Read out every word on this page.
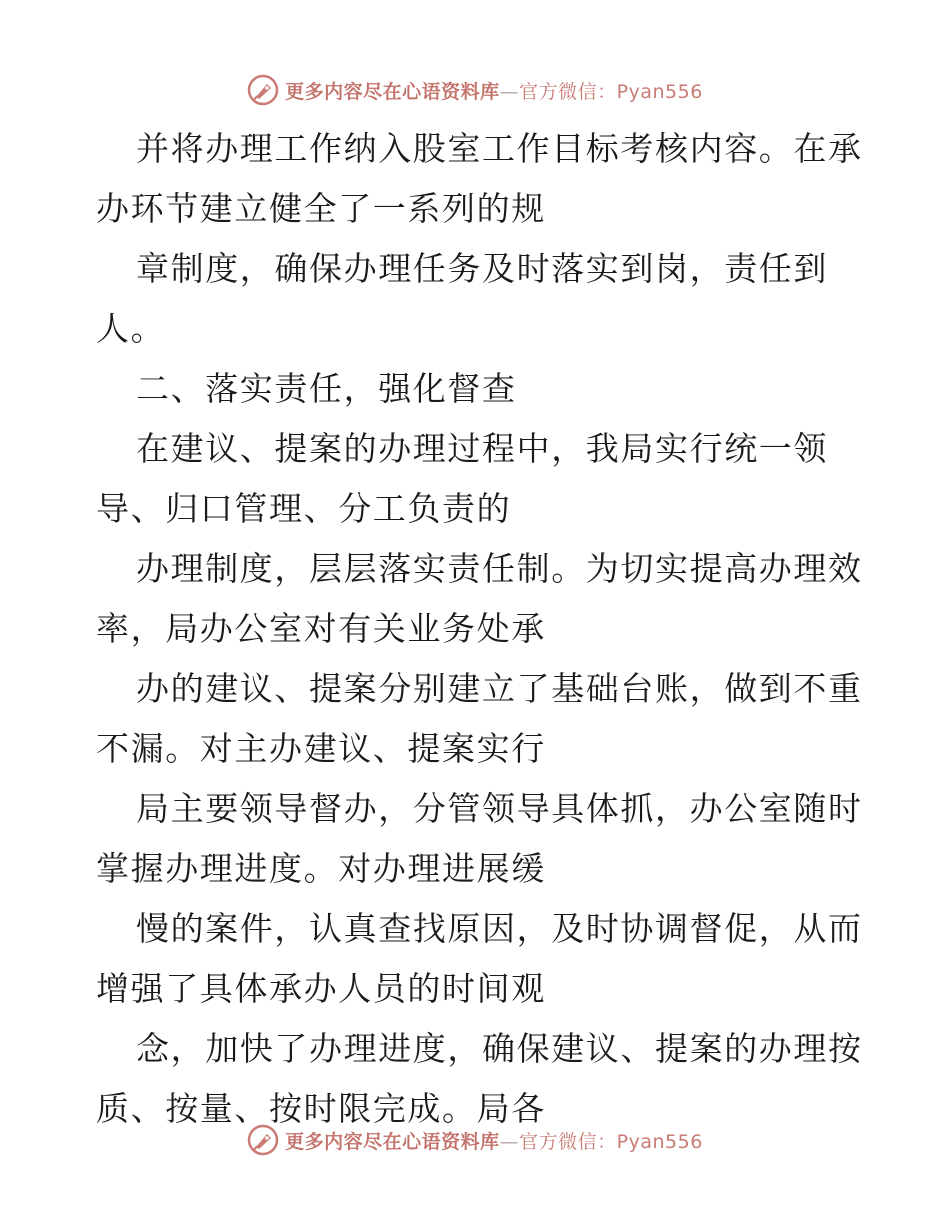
更多内容尽在心语资料库—官方微信：Pyan556
并将办理工作纳入股室工作目标考核内容。在承
办环节建立健全了一系列的规
章制度，确保办理任务及时落实到岗，责任到
人。
二、落实责任，强化督查
在建议、提案的办理过程中，我局实行统一领
导、归口管理、分工负责的
办理制度，层层落实责任制。为切实提高办理效
率，局办公室对有关业务处承
办的建议、提案分别建立了基础台账，做到不重
不漏。对主办建议、提案实行
局主要领导督办，分管领导具体抓，办公室随时
掌握办理进度。对办理进展缓
慢的案件，认真查找原因，及时协调督促，从而
增强了具体承办人员的时间观
念，加快了办理进度，确保建议、提案的办理按
质、按量、按时限完成。局各
更多内容尽在心语资料库—官方微信：Pyan556
